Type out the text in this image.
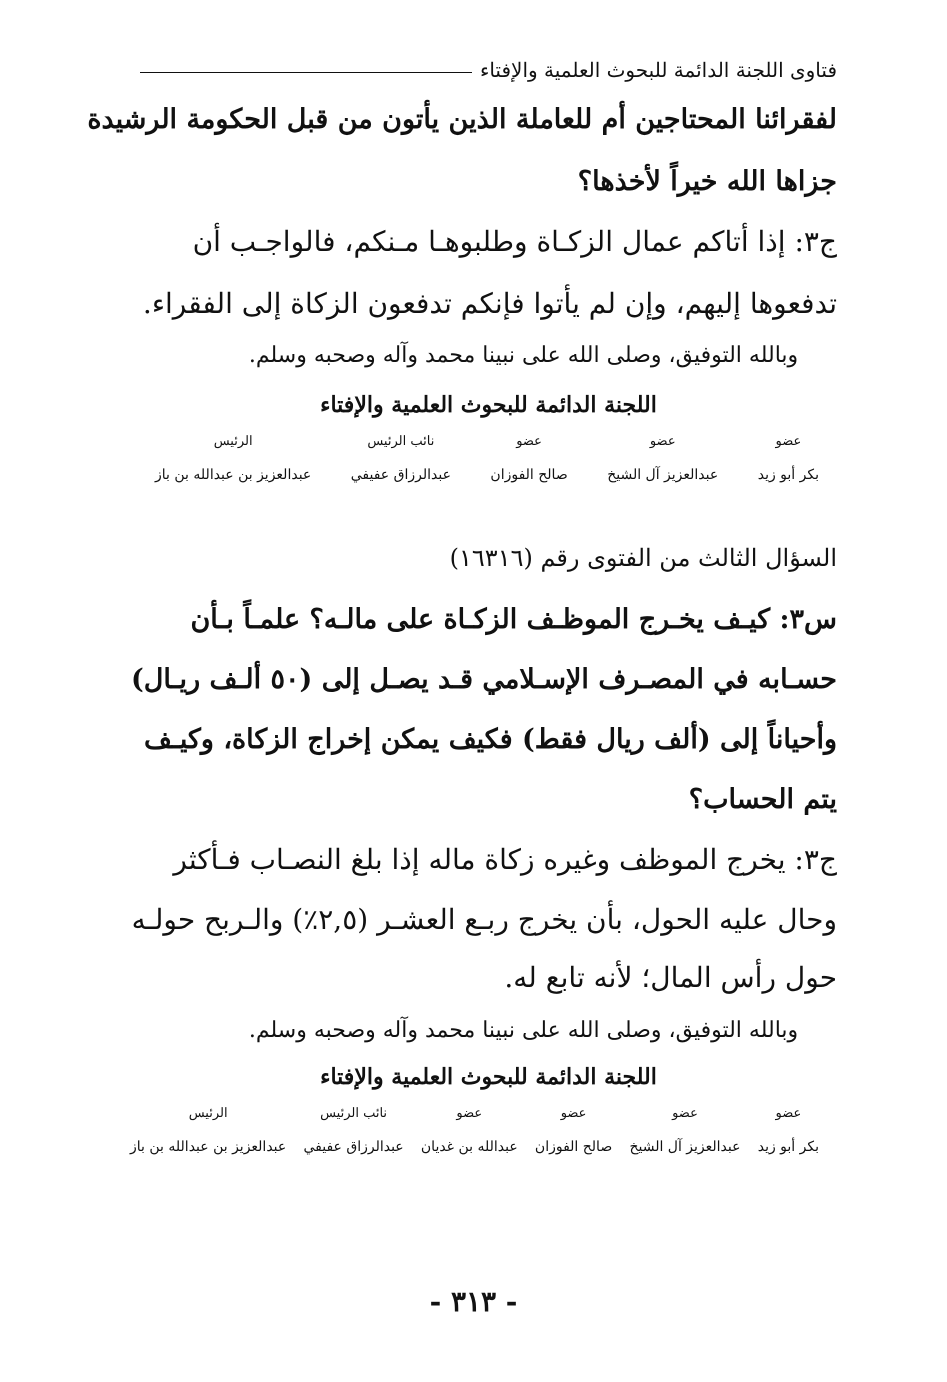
فتاوى اللجنة الدائمة للبحوث العلمية والإفتاء
لفقرائنا المحتاجين أم للعاملة الذين يأتون من قبل الحكومة الرشيدة
جزاها الله خيراً لأخذها؟
ج٣: إذا أتاكم عمال الزكـاة وطلبوهـا مـنكم، فالواجـب أن
تدفعوها إليهم، وإن لم يأتوا فإنكم تدفعون الزكاة إلى الفقراء.
وبالله التوفيق، وصلى الله على نبينا محمد وآله وصحبه وسلم.
اللجنة الدائمة للبحوث العلمية والإفتاء
عضو
بكر أبو زيد
عضو
عبدالعزيز آل الشيخ
عضو
صالح الفوزان
نائب الرئيس
عبدالرزاق عفيفي
الرئيس
عبدالعزيز بن عبدالله بن باز
السؤال الثالث من الفتوى رقم (١٦٣١٦)
س٣: كيـف يخـرج الموظـف الزكـاة على مالـه؟ علمـاً بـأن
حسـابه في المصـرف الإسـلامي قـد يصـل إلى (٥٠ ألـف ريـال)
وأحياناً إلى (ألف ريال فقط) فكيف يمكن إخراج الزكاة، وكيـف
يتم الحساب؟
ج٣: يخرج الموظف وغيره زكاة ماله إذا بلغ النصـاب فـأكثر
وحال عليه الحول، بأن يخرج ربـع العشـر (٢,٥٪) والـربح حولـه
حول رأس المال؛ لأنه تابع له.
وبالله التوفيق، وصلى الله على نبينا محمد وآله وصحبه وسلم.
اللجنة الدائمة للبحوث العلمية والإفتاء
عضو
بكر أبو زيد
عضو
عبدالعزيز آل الشيخ
عضو
صالح الفوزان
عضو
عبدالله بن غديان
نائب الرئيس
عبدالرزاق عفيفي
الرئيس
عبدالعزيز بن عبدالله بن باز
- ٣١٣ -
